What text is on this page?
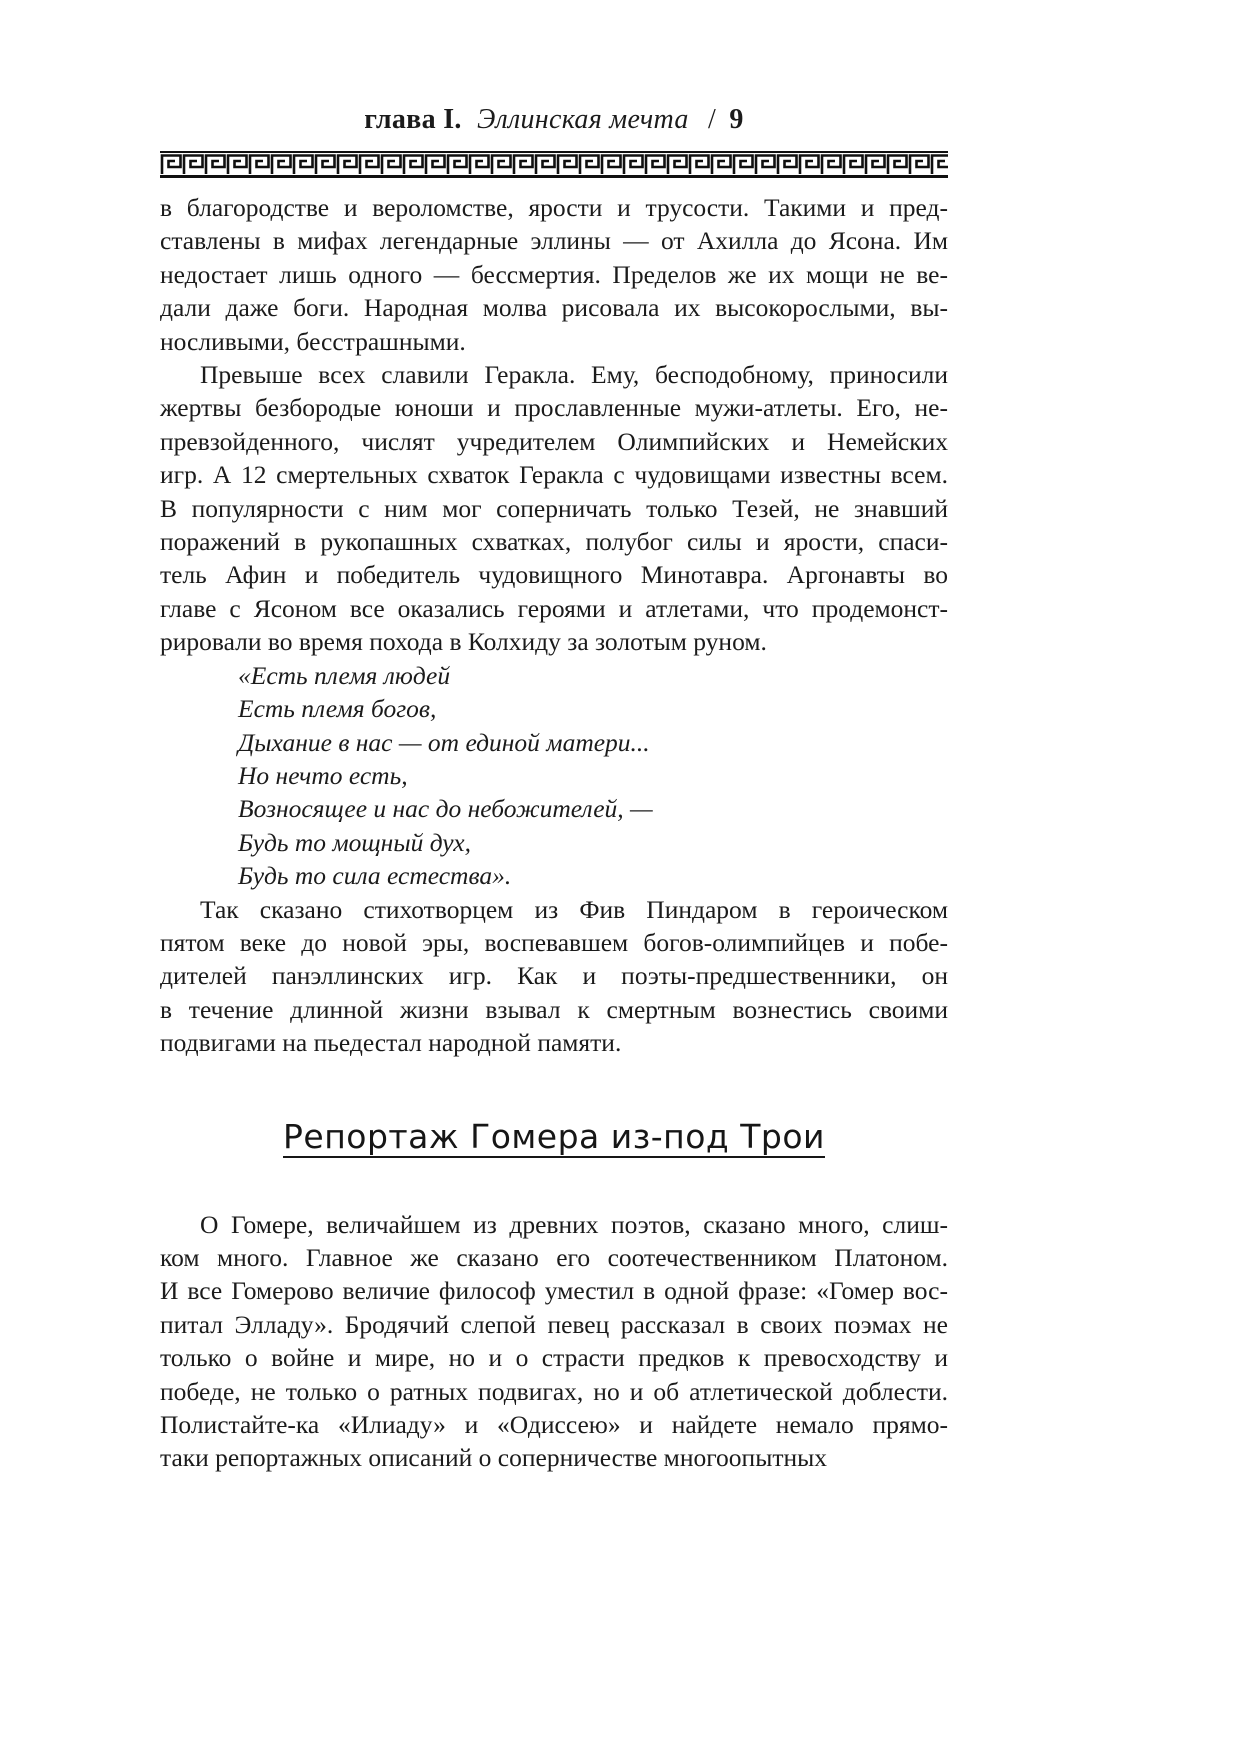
глава I. Эллинская мечта / 9
в благородстве и вероломстве, ярости и трусости. Такими и пред-
ставлены в мифах легендарные эллины — от Ахилла до Ясона. Им
недостает лишь одного — бессмертия. Пределов же их мощи не ве-
дали даже боги. Народная молва рисовала их высокорослыми, вы-
носливыми, бесстрашными.
Превыше всех славили Геракла. Ему, бесподобному, приносили
жертвы безбородые юноши и прославленные мужи-атлеты. Его, не-
превзойденного, числят учредителем Олимпийских и Немейских
игр. А 12 смертельных схваток Геракла с чудовищами известны всем.
В популярности с ним мог соперничать только Тезей, не знавший
поражений в рукопашных схватках, полубог силы и ярости, спаси-
тель Афин и победитель чудовищного Минотавра. Аргонавты во
главе с Ясоном все оказались героями и атлетами, что продемонст-
рировали во время похода в Колхиду за золотым руном.
«Есть племя людей
Есть племя богов,
Дыхание в нас — от единой матери...
Но нечто есть,
Возносящее и нас до небожителей, —
Будь то мощный дух,
Будь то сила естества».
Так сказано стихотворцем из Фив Пиндаром в героическом
пятом веке до новой эры, воспевавшем богов-олимпийцев и побе-
дителей панэллинских игр. Как и поэты-предшественники, он
в течение длинной жизни взывал к смертным вознестись своими
подвигами на пьедестал народной памяти.
Репортаж Гомера из-под Трои
О Гомере, величайшем из древних поэтов, сказано много, слиш-
ком много. Главное же сказано его соотечественником Платоном.
И все Гомерово величие философ уместил в одной фразе: «Гомер вос-
питал Элладу». Бродячий слепой певец рассказал в своих поэмах не
только о войне и мире, но и о страсти предков к превосходству и
победе, не только о ратных подвигах, но и об атлетической доблести.
Полистайте-ка «Илиаду» и «Одиссею» и найдете немало прямо-
таки репортажных описаний о соперничестве многоопытных
